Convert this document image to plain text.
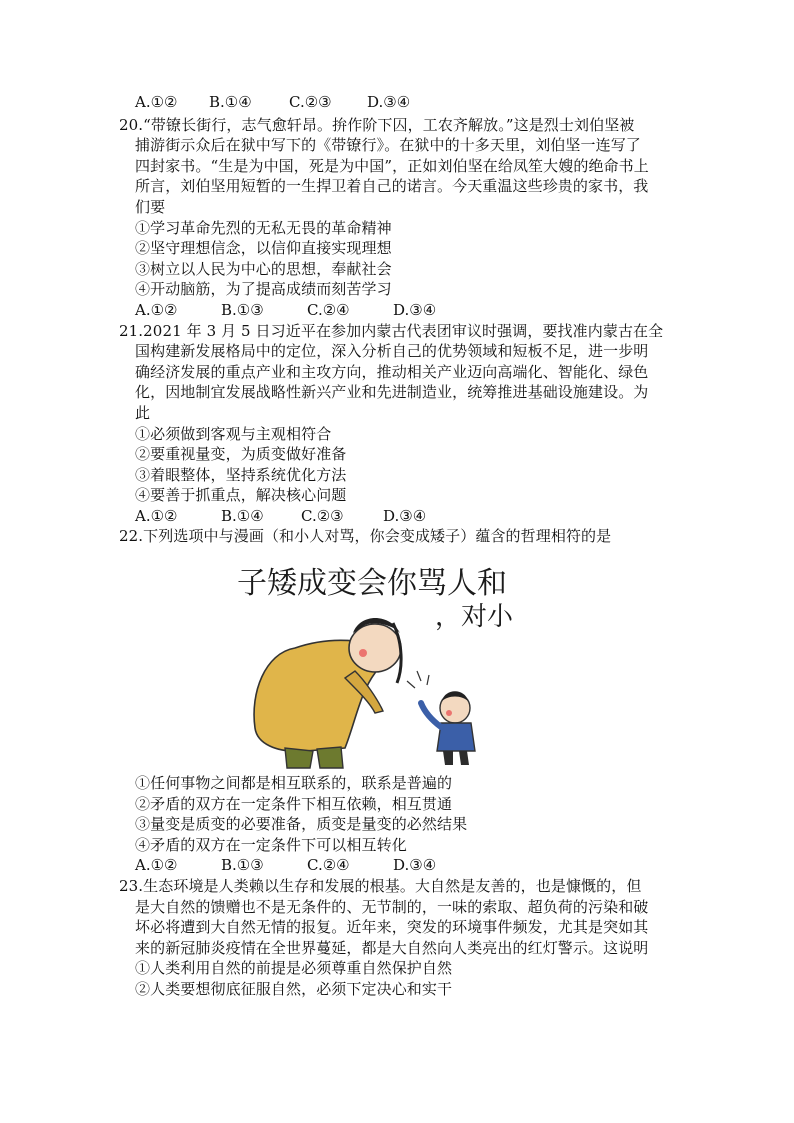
A.①②	B.①④	C.②③	D.③④
20.“带镣长街行，志气愈轩昂。拚作阶下囚，工农齐解放。”这是烈士刘伯坚被
捕游街示众后在狱中写下的《带镣行》。在狱中的十多天里，刘伯坚一连写了
四封家书。“生是为中国，死是为中国”，正如刘伯坚在给凤笙大嫂的绝命书上
所言，刘伯坚用短暂的一生捍卫着自己的诺言。今天重温这些珍贵的家书，我
们要
①学习革命先烈的无私无畏的革命精神
②坚守理想信念，以信仰直接实现理想
③树立以人民为中心的思想，奉献社会
④开动脑筋，为了提高成绩而刻苦学习
A.①②	B.①③	C.②④	D.③④
21.2021 年 3 月 5 日习近平在参加内蒙古代表团审议时强调，要找准内蒙古在全
国构建新发展格局中的定位，深入分析自己的优势领域和短板不足，进一步明
确经济发展的重点产业和主攻方向，推动相关产业迈向高端化、智能化、绿色
化，因地制宜发展战略性新兴产业和先进制造业，统筹推进基础设施建设。为
此
①必须做到客观与主观相符合
②要重视量变，为质变做好准备
③着眼整体，坚持系统优化方法
④要善于抓重点，解决核心问题
A.①②	B.①④	C.②③	D.③④
22.下列选项中与漫画（和小人对骂，你会变成矮子）蕴含的哲理相符的是
子矮成变会你骂人和
，对小
①任何事物之间都是相互联系的，联系是普遍的
②矛盾的双方在一定条件下相互依赖，相互贯通
③量变是质变的必要准备，质变是量变的必然结果
④矛盾的双方在一定条件下可以相互转化
A.①②	B.①③	C.②④	D.③④
23.生态环境是人类赖以生存和发展的根基。大自然是友善的，也是慷慨的，但
是大自然的馈赠也不是无条件的、无节制的，一味的索取、超负荷的污染和破
坏必将遭到大自然无情的报复。近年来，突发的环境事件频发，尤其是突如其
来的新冠肺炎疫情在全世界蔓延，都是大自然向人类亮出的红灯警示。这说明
①人类利用自然的前提是必须尊重自然保护自然
②人类要想彻底征服自然，必须下定决心和实干
